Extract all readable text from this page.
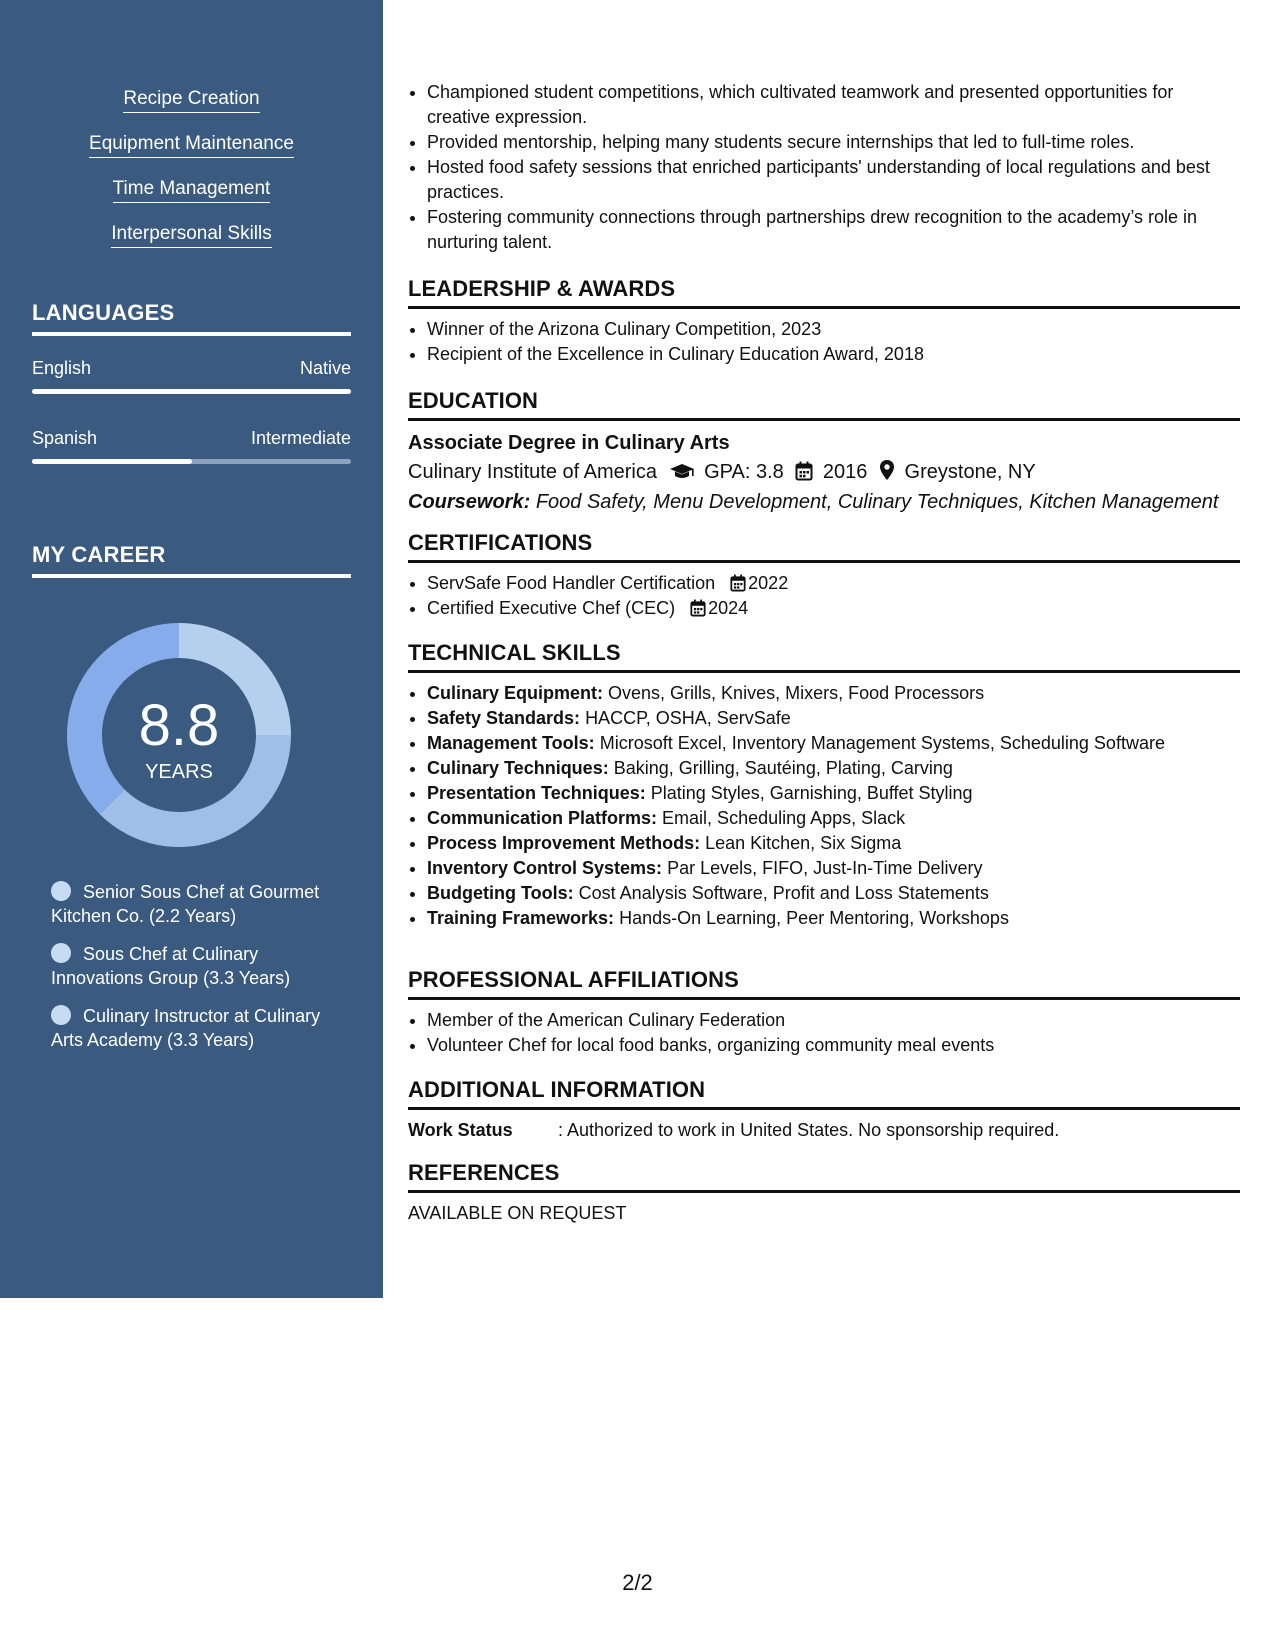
Recipe Creation
Equipment Maintenance
Time Management
Interpersonal Skills
LANGUAGES
English	Native
Spanish	Intermediate
MY CAREER
8.8
YEARS
Senior Sous Chef at Gourmet Kitchen Co. (2.2 Years)
Sous Chef at Culinary Innovations Group (3.3 Years)
Culinary Instructor at Culinary Arts Academy (3.3 Years)
• Championed student competitions, which cultivated teamwork and presented opportunities for creative expression.
• Provided mentorship, helping many students secure internships that led to full-time roles.
• Hosted food safety sessions that enriched participants' understanding of local regulations and best practices.
• Fostering community connections through partnerships drew recognition to the academy’s role in nurturing talent.
LEADERSHIP & AWARDS
• Winner of the Arizona Culinary Competition, 2023
• Recipient of the Excellence in Culinary Education Award, 2018
EDUCATION
Associate Degree in Culinary Arts
Culinary Institute of America GPA: 3.8 2016 Greystone, NY
Coursework: Food Safety, Menu Development, Culinary Techniques, Kitchen Management
CERTIFICATIONS
• ServSafe Food Handler Certification 2022
• Certified Executive Chef (CEC) 2024
TECHNICAL SKILLS
• Culinary Equipment: Ovens, Grills, Knives, Mixers, Food Processors
• Safety Standards: HACCP, OSHA, ServSafe
• Management Tools: Microsoft Excel, Inventory Management Systems, Scheduling Software
• Culinary Techniques: Baking, Grilling, Sautéing, Plating, Carving
• Presentation Techniques: Plating Styles, Garnishing, Buffet Styling
• Communication Platforms: Email, Scheduling Apps, Slack
• Process Improvement Methods: Lean Kitchen, Six Sigma
• Inventory Control Systems: Par Levels, FIFO, Just-In-Time Delivery
• Budgeting Tools: Cost Analysis Software, Profit and Loss Statements
• Training Frameworks: Hands-On Learning, Peer Mentoring, Workshops
PROFESSIONAL AFFILIATIONS
• Member of the American Culinary Federation
• Volunteer Chef for local food banks, organizing community meal events
ADDITIONAL INFORMATION
Work Status	: Authorized to work in United States. No sponsorship required.
REFERENCES
AVAILABLE ON REQUEST
2/2
